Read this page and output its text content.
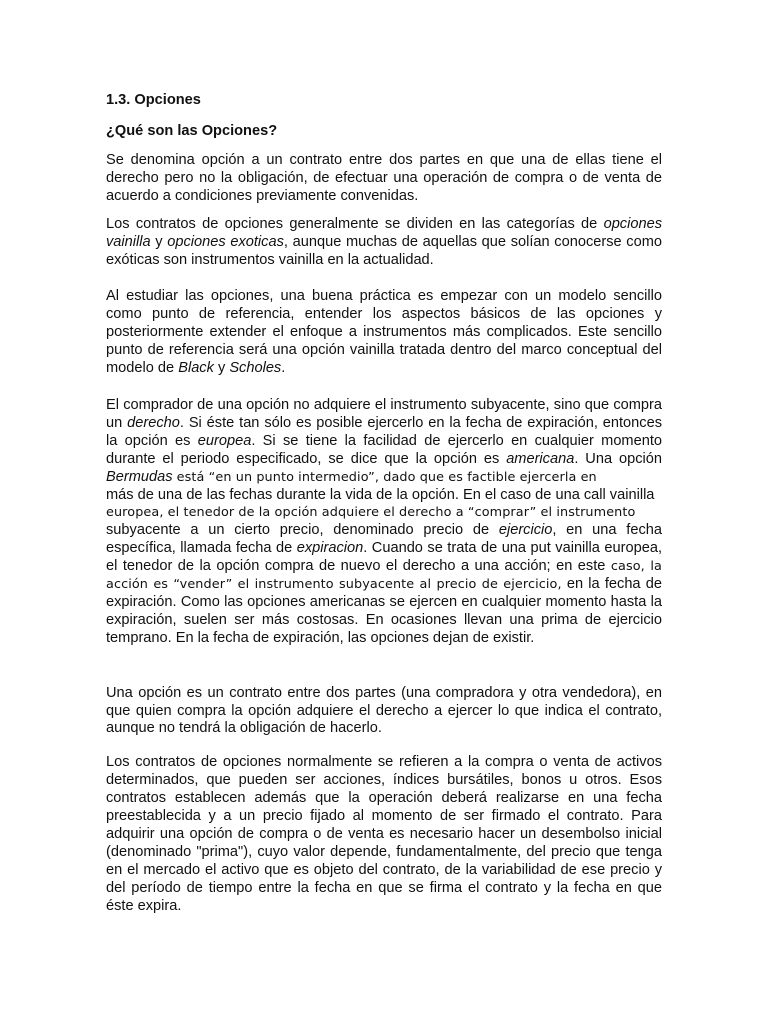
1.3. Opciones

¿Qué son las Opciones?

Se denomina opción a un contrato entre dos partes en que una de ellas tiene el derecho pero no la obligación, de efectuar una operación de compra o de venta de acuerdo a condiciones previamente convenidas.

Los contratos de opciones generalmente se dividen en las categorías de opciones vainilla y opciones exoticas, aunque muchas de aquellas que solían conocerse como exóticas son instrumentos vainilla en la actualidad.

Al estudiar las opciones, una buena práctica es empezar con un modelo sencillo como punto de referencia, entender los aspectos básicos de las opciones y posteriormente extender el enfoque a instrumentos más complicados. Este sencillo punto de referencia será una opción vainilla tratada dentro del marco conceptual del modelo de Black y Scholes.

El comprador de una opción no adquiere el instrumento subyacente, sino que compra un derecho. Si éste tan sólo es posible ejercerlo en la fecha de expiración, entonces la opción es europea. Si se tiene la facilidad de ejercerlo en cualquier momento durante el periodo especificado, se dice que la opción es americana. Una opción Bermudas está “en un punto intermedio”, dado que es factible ejercerla en
más de una de las fechas durante la vida de la opción. En el caso de una call vainilla
europea, el tenedor de la opción adquiere el derecho a “comprar” el instrumento
subyacente a un cierto precio, denominado precio de ejercicio, en una fecha específica, llamada fecha de expiracion. Cuando se trata de una put vainilla europea, el tenedor de la opción compra de nuevo el derecho a una acción; en este caso, la acción es “vender” el instrumento subyacente al precio de ejercicio, en la fecha de expiración. Como las opciones americanas se ejercen en cualquier momento hasta la expiración, suelen ser más costosas. En ocasiones llevan una prima de ejercicio temprano. En la fecha de expiración, las opciones dejan de existir.

Una opción es un contrato entre dos partes (una compradora y otra vendedora), en que quien compra la opción adquiere el derecho a ejercer lo que indica el contrato, aunque no tendrá la obligación de hacerlo.

Los contratos de opciones normalmente se refieren a la compra o venta de activos determinados, que pueden ser acciones, índices bursátiles, bonos u otros. Esos contratos establecen además que la operación deberá realizarse en una fecha preestablecida y a un precio fijado al momento de ser firmado el contrato. Para adquirir una opción de compra o de venta es necesario hacer un desembolso inicial (denominado "prima"), cuyo valor depende, fundamentalmente, del precio que tenga en el mercado el activo que es objeto del contrato, de la variabilidad de ese precio y del período de tiempo entre la fecha en que se firma el contrato y la fecha en que éste expira.
